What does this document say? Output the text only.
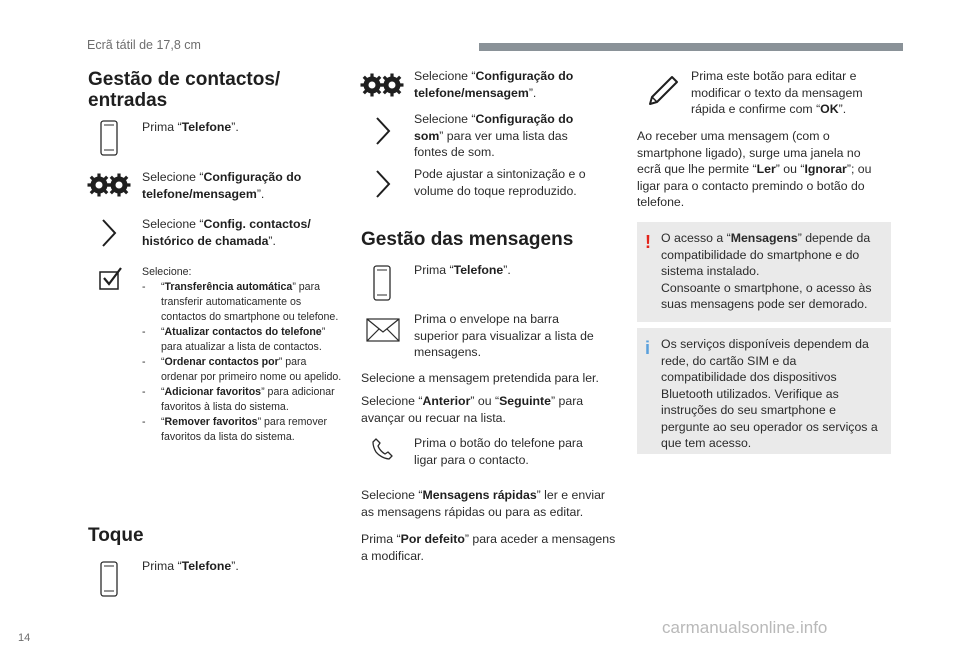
Ecrã tátil de 17,8 cm
Gestão de contactos/ entradas
Prima “Telefone”.
Selecione “Configuração do telefone/mensagem”.
Selecione “Config. contactos/ histórico de chamada”.
Selecione:
- “Transferência automática” para transferir automaticamente os contactos do smartphone ou telefone.
- “Atualizar contactos do telefone” para atualizar a lista de contactos.
- “Ordenar contactos por” para ordenar por primeiro nome ou apelido.
- “Adicionar favoritos” para adicionar favoritos à lista do sistema.
- “Remover favoritos” para remover favoritos da lista do sistema.
Toque
Prima “Telefone”.
Selecione “Configuração do telefone/mensagem”.
Selecione “Configuração do som” para ver uma lista das fontes de som.
Pode ajustar a sintonização e o volume do toque reproduzido.
Gestão das mensagens
Prima “Telefone”.
Prima o envelope na barra superior para visualizar a lista de mensagens.
Selecione a mensagem pretendida para ler.
Selecione “Anterior” ou “Seguinte” para avançar ou recuar na lista.
Prima o botão do telefone para ligar para o contacto.
Selecione “Mensagens rápidas” ler e enviar as mensagens rápidas ou para as editar.
Prima “Por defeito” para aceder a mensagens a modificar.
Prima este botão para editar e modificar o texto da mensagem rápida e confirme com “OK”.
Ao receber uma mensagem (com o smartphone ligado), surge uma janela no ecrã que lhe permite “Ler” ou “Ignorar”; ou ligar para o contacto premindo o botão do telefone.
! O acesso a “Mensagens” depende da compatibilidade do smartphone e do sistema instalado.
Consoante o smartphone, o acesso às suas mensagens pode ser demorado.
i Os serviços disponíveis dependem da rede, do cartão SIM e da compatibilidade dos dispositivos Bluetooth utilizados. Verifique as instruções do seu smartphone e pergunte ao seu operador os serviços a que tem acesso.
14
carmanualsonline.info
